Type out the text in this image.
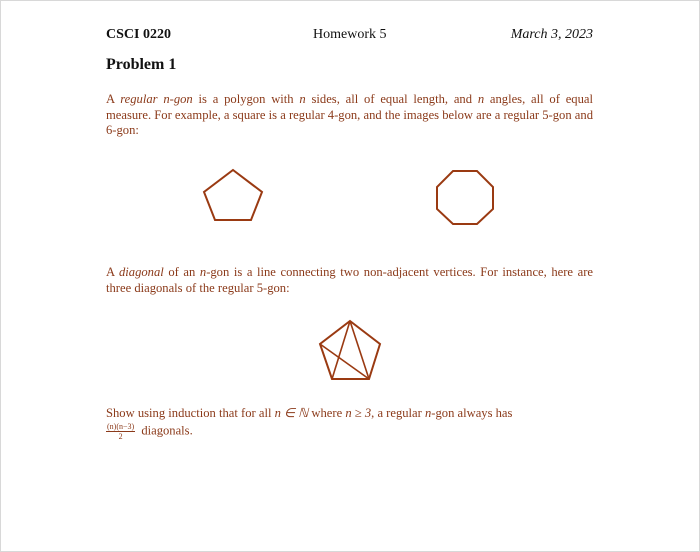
CSCI 0220	Homework 5	March 3, 2023
Problem 1
A regular n-gon is a polygon with n sides, all of equal length, and n angles, all of equal measure. For example, a square is a regular 4-gon, and the images below are a regular 5-gon and 6-gon:
A diagonal of an n-gon is a line connecting two non-adjacent vertices. For instance, here are three diagonals of the regular 5-gon:
Show using induction that for all n ∈ ℕ where n ≥ 3, a regular n-gon always has

$\frac{(n)(n-3)}{2}$ diagonals.
